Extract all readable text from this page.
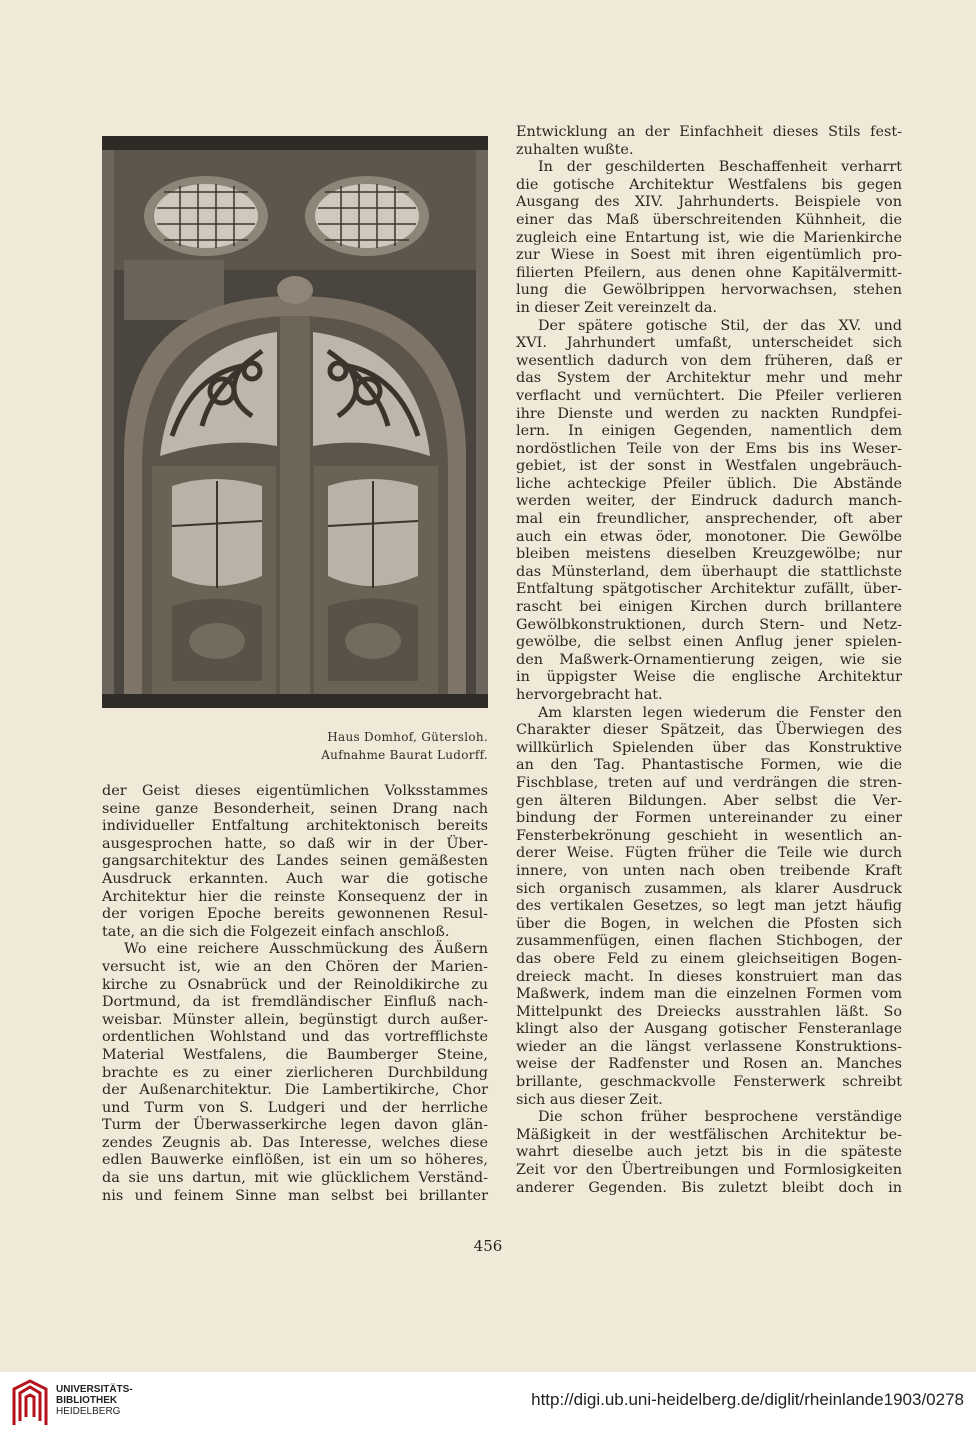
Haus Domhof, Gütersloh.
Aufnahme Baurat Ludorff.
der Geist dieses eigentümlichen Volksstammes
seine ganze Besonderheit, seinen Drang nach
individueller Entfaltung architektonisch bereits
ausgesprochen hatte, so daß wir in der Über-
gangsarchitektur des Landes seinen gemäßesten
Ausdruck erkannten. Auch war die gotische
Architektur hier die reinste Konsequenz der in
der vorigen Epoche bereits gewonnenen Resul-
tate, an die sich die Folgezeit einfach anschloß.
Wo eine reichere Ausschmückung des Äußern
versucht ist, wie an den Chören der Marien-
kirche zu Osnabrück und der Reinoldikirche zu
Dortmund, da ist fremdländischer Einfluß nach-
weisbar. Münster allein, begünstigt durch außer-
ordentlichen Wohlstand und das vortrefflichste
Material Westfalens, die Baumberger Steine,
brachte es zu einer zierlicheren Durchbildung
der Außenarchitektur. Die Lambertikirche, Chor
und Turm von S. Ludgeri und der herrliche
Turm der Überwasserkirche legen davon glän-
zendes Zeugnis ab. Das Interesse, welches diese
edlen Bauwerke einflößen, ist ein um so höheres,
da sie uns dartun, mit wie glücklichem Verständ-
nis und feinem Sinne man selbst bei brillanter
Entwicklung an der Einfachheit dieses Stils fest-
zuhalten wußte.
In der geschilderten Beschaffenheit verharrt
die gotische Architektur Westfalens bis gegen
Ausgang des XIV. Jahrhunderts. Beispiele von
einer das Maß überschreitenden Kühnheit, die
zugleich eine Entartung ist, wie die Marienkirche
zur Wiese in Soest mit ihren eigentümlich pro-
filierten Pfeilern, aus denen ohne Kapitälvermitt-
lung die Gewölbrippen hervorwachsen, stehen
in dieser Zeit vereinzelt da.
Der spätere gotische Stil, der das XV. und
XVI. Jahrhundert umfaßt, unterscheidet sich
wesentlich dadurch von dem früheren, daß er
das System der Architektur mehr und mehr
verflacht und vernüchtert. Die Pfeiler verlieren
ihre Dienste und werden zu nackten Rundpfei-
lern. In einigen Gegenden, namentlich dem
nordöstlichen Teile von der Ems bis ins Weser-
gebiet, ist der sonst in Westfalen ungebräuch-
liche achteckige Pfeiler üblich. Die Abstände
werden weiter, der Eindruck dadurch manch-
mal ein freundlicher, ansprechender, oft aber
auch ein etwas öder, monotoner. Die Gewölbe
bleiben meistens dieselben Kreuzgewölbe; nur
das Münsterland, dem überhaupt die stattlichste
Entfaltung spätgotischer Architektur zufällt, über-
rascht bei einigen Kirchen durch brillantere
Gewölbkonstruktionen, durch Stern- und Netz-
gewölbe, die selbst einen Anflug jener spielen-
den Maßwerk-Ornamentierung zeigen, wie sie
in üppigster Weise die englische Architektur
hervorgebracht hat.
Am klarsten legen wiederum die Fenster den
Charakter dieser Spätzeit, das Überwiegen des
willkürlich Spielenden über das Konstruktive
an den Tag. Phantastische Formen, wie die
Fischblase, treten auf und verdrängen die stren-
gen älteren Bildungen. Aber selbst die Ver-
bindung der Formen untereinander zu einer
Fensterbekrönung geschieht in wesentlich an-
derer Weise. Fügten früher die Teile wie durch
innere, von unten nach oben treibende Kraft
sich organisch zusammen, als klarer Ausdruck
des vertikalen Gesetzes, so legt man jetzt häufig
über die Bogen, in welchen die Pfosten sich
zusammenfügen, einen flachen Stichbogen, der
das obere Feld zu einem gleichseitigen Bogen-
dreieck macht. In dieses konstruiert man das
Maßwerk, indem man die einzelnen Formen vom
Mittelpunkt des Dreiecks ausstrahlen läßt. So
klingt also der Ausgang gotischer Fensteranlage
wieder an die längst verlassene Konstruktions-
weise der Radfenster und Rosen an. Manches
brillante, geschmackvolle Fensterwerk schreibt
sich aus dieser Zeit.
Die schon früher besprochene verständige
Mäßigkeit in der westfälischen Architektur be-
wahrt dieselbe auch jetzt bis in die späteste
Zeit vor den Übertreibungen und Formlosigkeiten
anderer Gegenden. Bis zuletzt bleibt doch in
456
UNIVERSITÄTS-
BIBLIOTHEK
HEIDELBERG
http://digi.ub.uni-heidelberg.de/diglit/rheinlande1903/0278
